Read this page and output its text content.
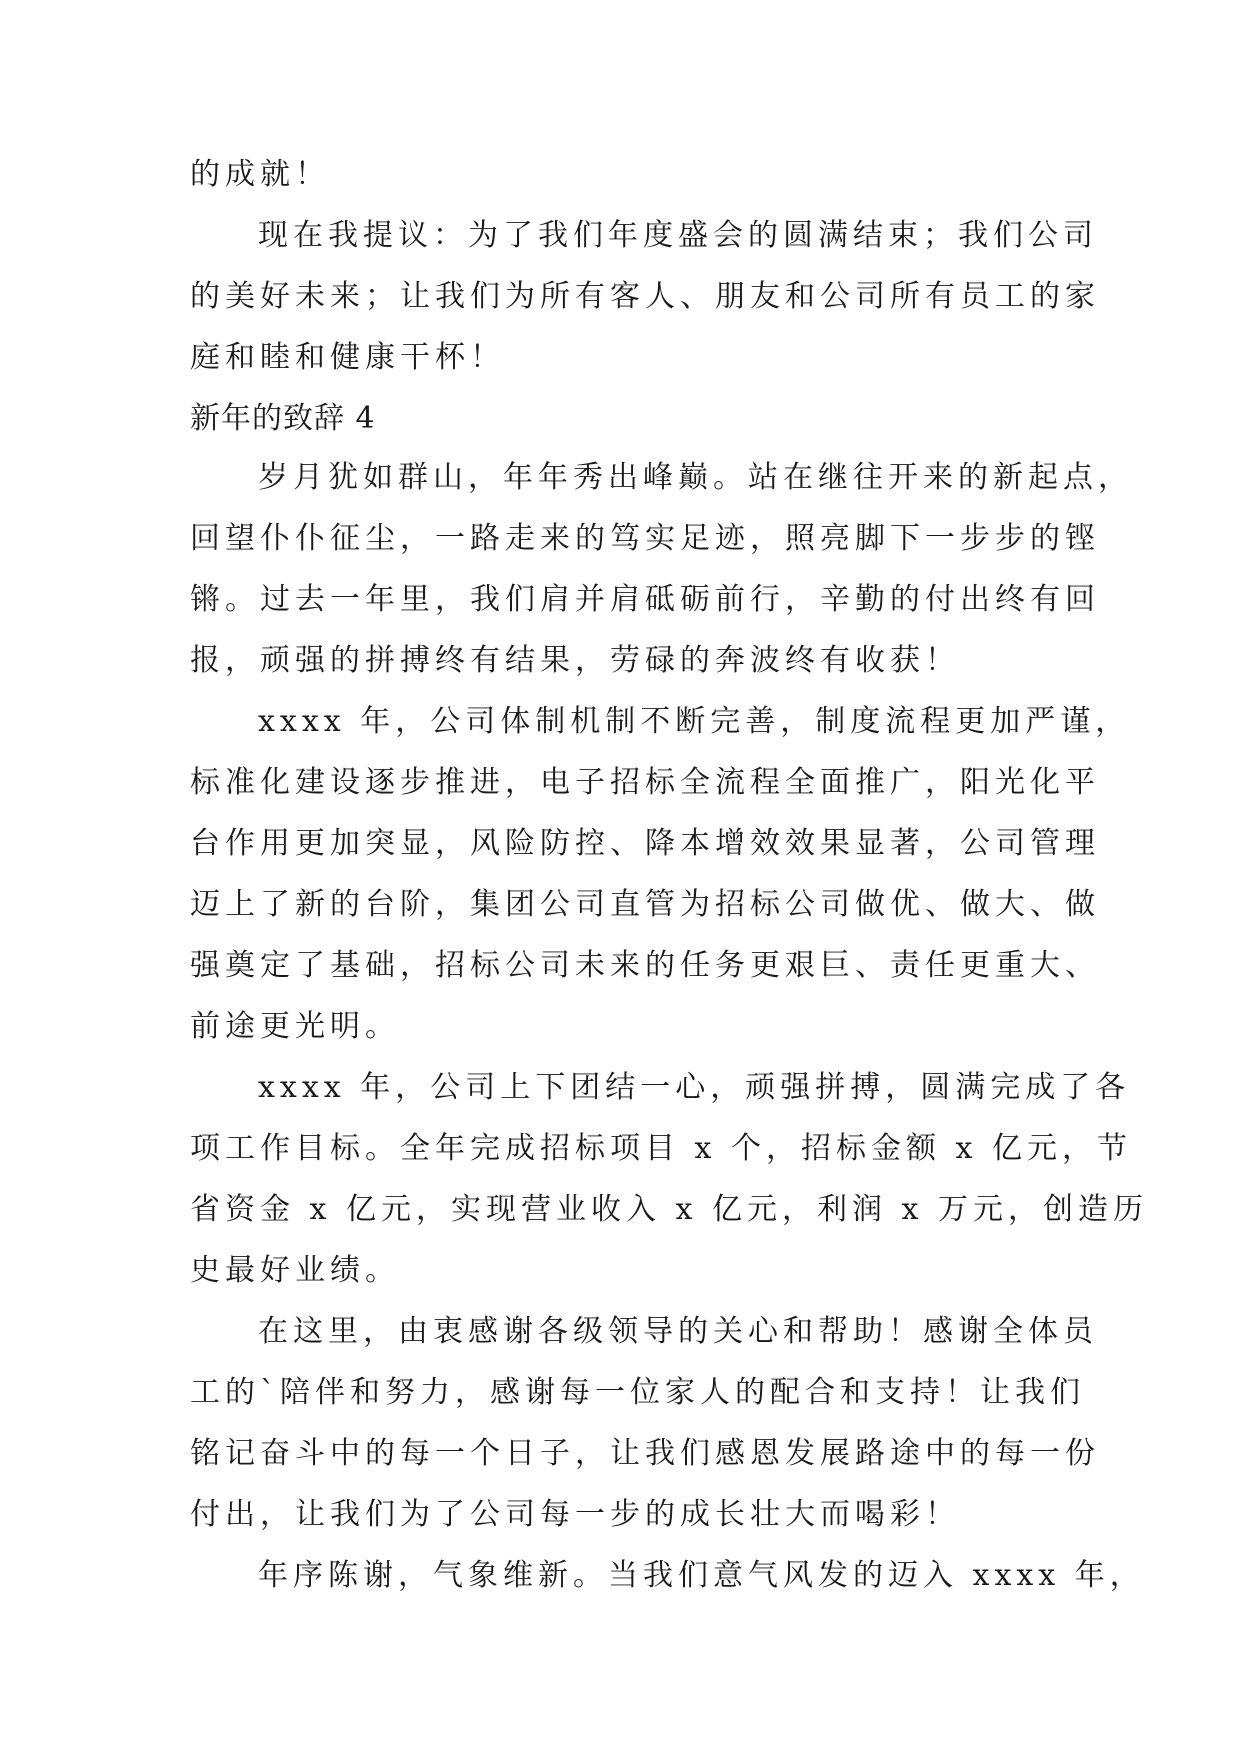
的成就！
现在我提议：为了我们年度盛会的圆满结束；我们公司
的美好未来；让我们为所有客人、朋友和公司所有员工的家
庭和睦和健康干杯！
新年的致辞 4
岁月犹如群山，年年秀出峰巅。站在继往开来的新起点，
回望仆仆征尘，一路走来的笃实足迹，照亮脚下一步步的铿
锵。过去一年里，我们肩并肩砥砺前行，辛勤的付出终有回
报，顽强的拼搏终有结果，劳碌的奔波终有收获！
xxxx 年，公司体制机制不断完善，制度流程更加严谨，
标准化建设逐步推进，电子招标全流程全面推广，阳光化平
台作用更加突显，风险防控、降本增效效果显著，公司管理
迈上了新的台阶，集团公司直管为招标公司做优、做大、做
强奠定了基础，招标公司未来的任务更艰巨、责任更重大、
前途更光明。
xxxx 年，公司上下团结一心，顽强拼搏，圆满完成了各
项工作目标。全年完成招标项目 x 个，招标金额 x 亿元，节
省资金 x 亿元，实现营业收入 x 亿元，利润 x 万元，创造历
史最好业绩。
在这里，由衷感谢各级领导的关心和帮助！感谢全体员
工的`陪伴和努力，感谢每一位家人的配合和支持！让我们
铭记奋斗中的每一个日子，让我们感恩发展路途中的每一份
付出，让我们为了公司每一步的成长壮大而喝彩！
年序陈谢，气象维新。当我们意气风发的迈入 xxxx 年，
